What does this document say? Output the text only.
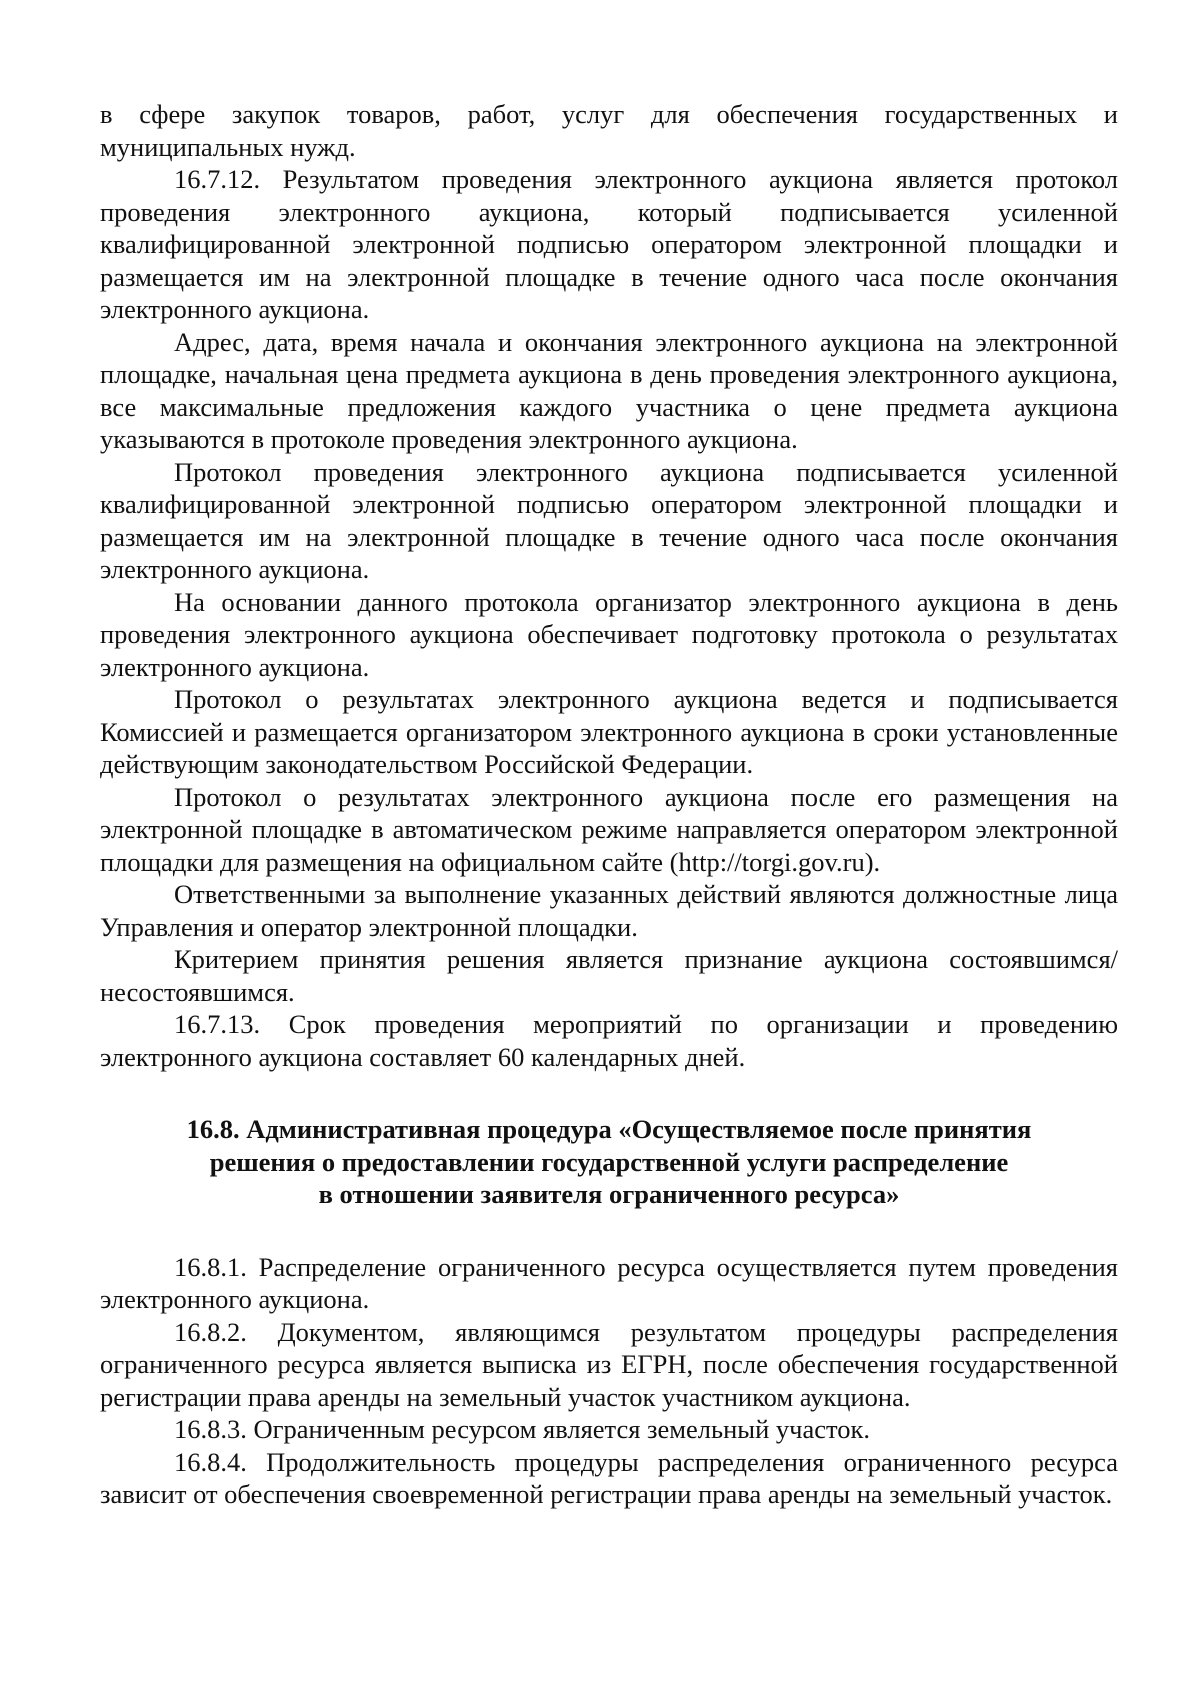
в сфере закупок товаров, работ, услуг для обеспечения государственных и муниципальных нужд.

16.7.12. Результатом проведения электронного аукциона является протокол проведения электронного аукциона, который подписывается усиленной квалифицированной электронной подписью оператором электронной площадки и размещается им на электронной площадке в течение одного часа после окончания электронного аукциона.

Адрес, дата, время начала и окончания электронного аукциона на электронной площадке, начальная цена предмета аукциона в день проведения электронного аукциона, все максимальные предложения каждого участника о цене предмета аукциона указываются в протоколе проведения электронного аукциона.

Протокол проведения электронного аукциона подписывается усиленной квалифицированной электронной подписью оператором электронной площадки и размещается им на электронной площадке в течение одного часа после окончания электронного аукциона.

На основании данного протокола организатор электронного аукциона в день проведения электронного аукциона обеспечивает подготовку протокола о результатах электронного аукциона.

Протокол о результатах электронного аукциона ведется и подписывается Комиссией и размещается организатором электронного аукциона в сроки установленные действующим законодательством Российской Федерации.

Протокол о результатах электронного аукциона после его размещения на электронной площадке в автоматическом режиме направляется оператором электронной площадки для размещения на официальном сайте (http://torgi.gov.ru).

Ответственными за выполнение указанных действий являются должностные лица Управления и оператор электронной площадки.

Критерием принятия решения является признание аукциона состоявшимся/несостоявшимся.

16.7.13. Срок проведения мероприятий по организации и проведению электронного аукциона составляет 60 календарных дней.

16.8. Административная процедура «Осуществляемое после принятия
решения о предоставлении государственной услуги распределение
в отношении заявителя ограниченного ресурса»

16.8.1. Распределение ограниченного ресурса осуществляется путем проведения электронного аукциона.

16.8.2. Документом, являющимся результатом процедуры распределения ограниченного ресурса является выписка из ЕГРН, после обеспечения государственной регистрации права аренды на земельный участок участником аукциона.

16.8.3. Ограниченным ресурсом является земельный участок.

16.8.4. Продолжительность процедуры распределения ограниченного ресурса зависит от обеспечения своевременной регистрации права аренды на земельный участок.
